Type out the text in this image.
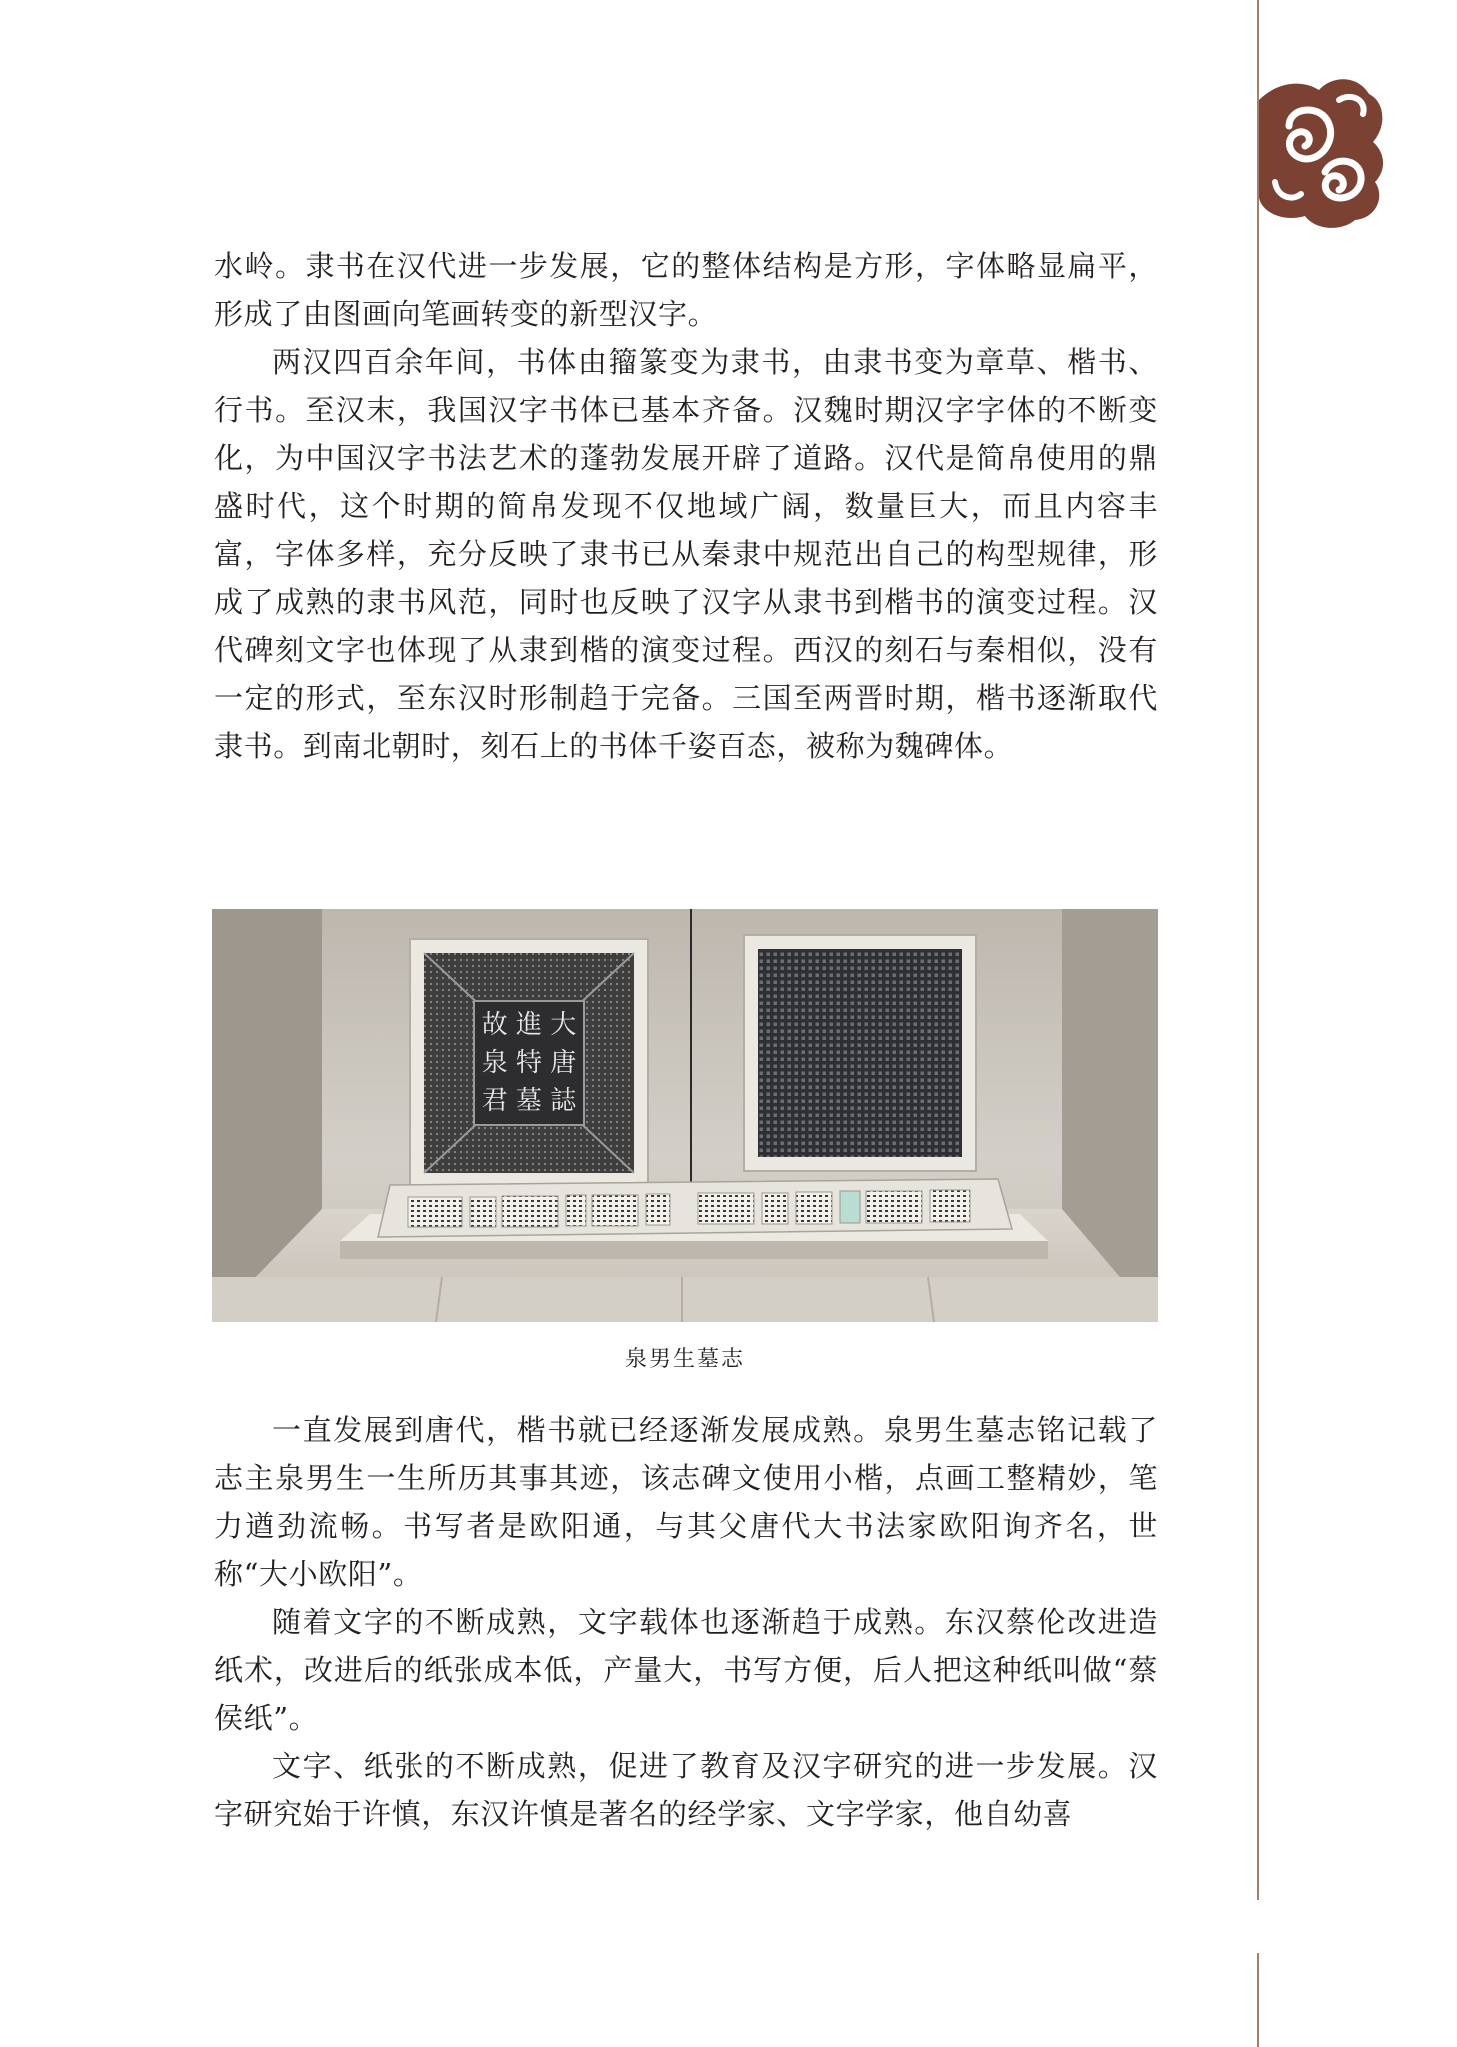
水岭。隶书在汉代进一步发展，它的整体结构是方形，字体略显扁平，形成了由图画向笔画转变的新型汉字。

两汉四百余年间，书体由籀篆变为隶书，由隶书变为章草、楷书、行书。至汉末，我国汉字书体已基本齐备。汉魏时期汉字字体的不断变化，为中国汉字书法艺术的蓬勃发展开辟了道路。汉代是简帛使用的鼎盛时代，这个时期的简帛发现不仅地域广阔，数量巨大，而且内容丰富，字体多样，充分反映了隶书已从秦隶中规范出自己的构型规律，形成了成熟的隶书风范，同时也反映了汉字从隶书到楷书的演变过程。汉代碑刻文字也体现了从隶到楷的演变过程。西汉的刻石与秦相似，没有一定的形式，至东汉时形制趋于完备。三国至两晋时期，楷书逐渐取代隶书。到南北朝时，刻石上的书体千姿百态，被称为魏碑体。

故 進 大
泉 特 唐
君 墓 誌
泉男生墓志

一直发展到唐代，楷书就已经逐渐发展成熟。泉男生墓志铭记载了志主泉男生一生所历其事其迹，该志碑文使用小楷，点画工整精妙，笔力遒劲流畅。书写者是欧阳通，与其父唐代大书法家欧阳询齐名，世称“大小欧阳”。

随着文字的不断成熟，文字载体也逐渐趋于成熟。东汉蔡伦改进造纸术，改进后的纸张成本低，产量大，书写方便，后人把这种纸叫做“蔡侯纸”。

文字、纸张的不断成熟，促进了教育及汉字研究的进一步发展。汉字研究始于许慎，东汉许慎是著名的经学家、文字学家，他自幼喜
